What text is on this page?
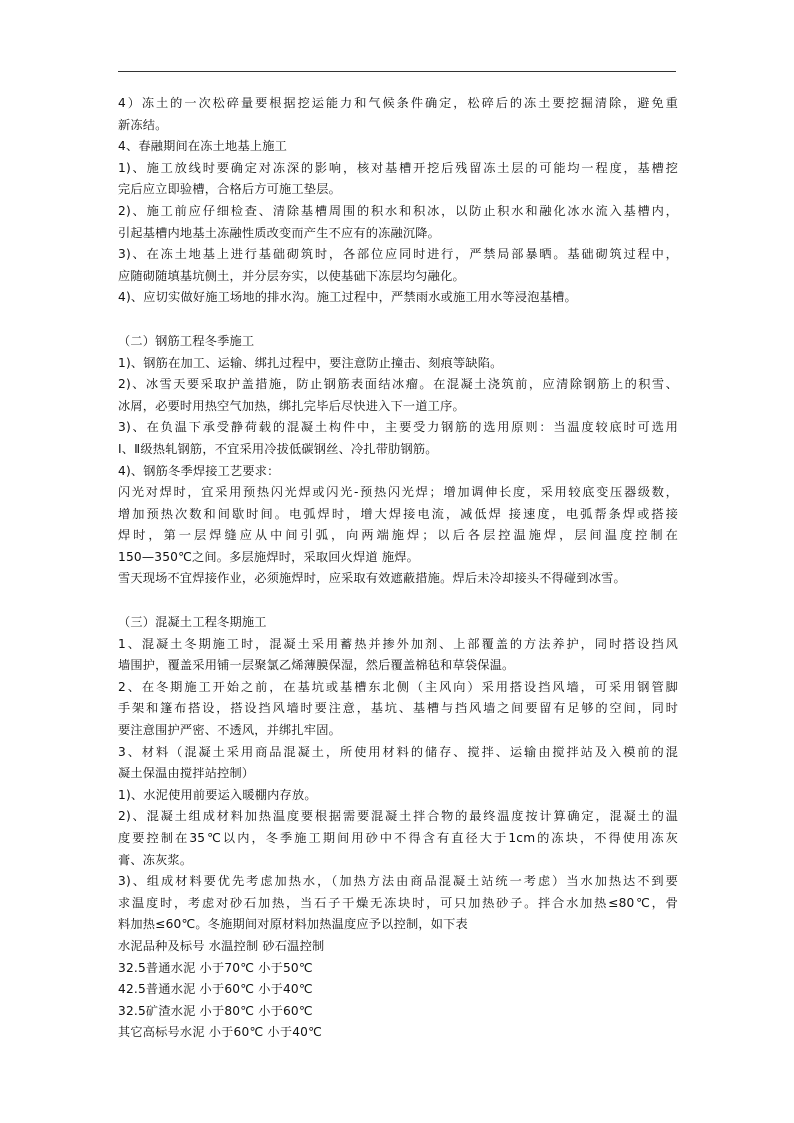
4）冻土的一次松碎量要根据挖运能力和气候条件确定，松碎后的冻土要挖掘清除，避免重
新冻结。
4、春融期间在冻土地基上施工
1)、施工放线时要确定对冻深的影响，核对基槽开挖后残留冻土层的可能均一程度，基槽挖
完后应立即验槽，合格后方可施工垫层。
2)、施工前应仔细检查、清除基槽周围的积水和积冰，以防止积水和融化冰水流入基槽内，
引起基槽内地基土冻融性质改变而产生不应有的冻融沉降。
3)、在冻土地基上进行基础砌筑时，各部位应同时进行，严禁局部暴晒。基础砌筑过程中，
应随砌随填基坑侧土，并分层夯实，以使基础下冻层均匀融化。
4)、应切实做好施工场地的排水沟。施工过程中，严禁雨水或施工用水等浸泡基槽。
（二）钢筋工程冬季施工
1)、钢筋在加工、运输、绑扎过程中，要注意防止撞击、刻痕等缺陷。
2)、冰雪天要采取护盖措施，防止钢筋表面结冰瘤。在混凝土浇筑前，应清除钢筋上的积雪、
冰屑，必要时用热空气加热，绑扎完毕后尽快进入下一道工序。
3)、在负温下承受静荷载的混凝土构件中，主要受力钢筋的选用原则：当温度较底时可选用
Ⅰ、Ⅱ级热轧钢筋，不宜采用冷拔低碳钢丝、冷扎带肋钢筋。
4)、钢筋冬季焊接工艺要求：
闪光对焊时，宜采用预热闪光焊或闪光-预热闪光焊；增加调伸长度，采用较底变压器级数，
增加预热次数和间歇时间。电弧焊时，增大焊接电流，减低焊 接速度，电弧帮条焊或搭接
焊时，第一层焊缝应从中间引弧，向两端施焊；以后各层控温施焊，层间温度控制在
150—350℃之间。多层施焊时，采取回火焊道 施焊。
雪天现场不宜焊接作业，必须施焊时，应采取有效遮蔽措施。焊后未冷却接头不得碰到冰雪。
（三）混凝土工程冬期施工
1、混凝土冬期施工时，混凝土采用蓄热并掺外加剂、上部覆盖的方法养护，同时搭设挡风
墙围护，覆盖采用铺一层聚氯乙烯薄膜保湿，然后覆盖棉毡和草袋保温。
2、在冬期施工开始之前，在基坑或基槽东北侧（主风向）采用搭设挡风墙，可采用钢管脚
手架和篷布搭设，搭设挡风墙时要注意，基坑、基槽与挡风墙之间要留有足够的空间，同时
要注意围护严密、不透风，并绑扎牢固。
3、材料（混凝土采用商品混凝土，所使用材料的储存、搅拌、运输由搅拌站及入模前的混
凝土保温由搅拌站控制）
1)、水泥使用前要运入暖棚内存放。
2)、混凝土组成材料加热温度要根据需要混凝土拌合物的最终温度按计算确定，混凝土的温
度要控制在35℃以内，冬季施工期间用砂中不得含有直径大于1cm的冻块，不得使用冻灰
膏、冻灰浆。
3)、组成材料要优先考虑加热水，（加热方法由商品混凝土站统一考虑）当水加热达不到要
求温度时，考虑对砂石加热，当石子干燥无冻块时，可只加热砂子。拌合水加热≤80℃，骨
料加热≤60℃。冬施期间对原材料加热温度应予以控制，如下表
水泥品种及标号 水温控制 砂石温控制
32.5普通水泥 小于70℃ 小于50℃
42.5普通水泥 小于60℃ 小于40℃
32.5矿渣水泥 小于80℃ 小于60℃
其它高标号水泥 小于60℃ 小于40℃
